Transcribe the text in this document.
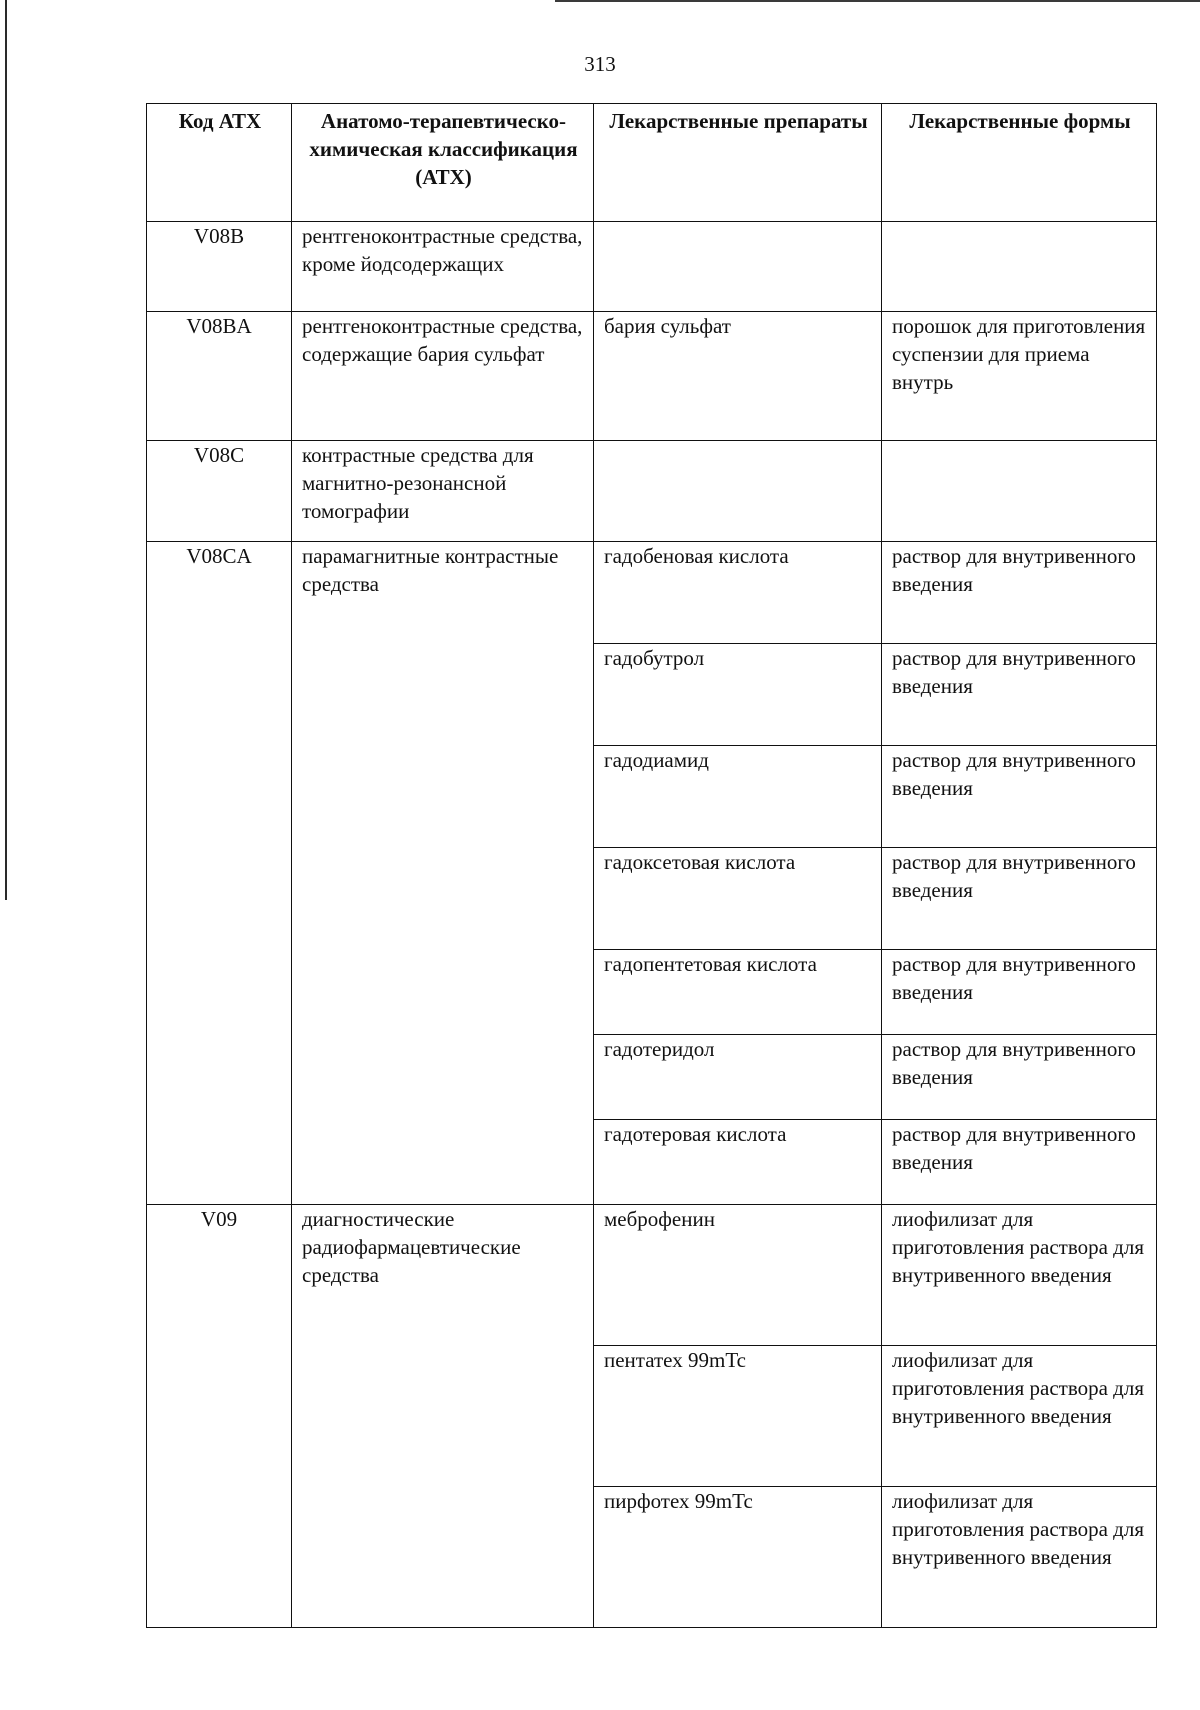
313
Код АТХ	Анатомо-терапевтическо-химическая классификация (АТХ)	Лекарственные препараты	Лекарственные формы
V08B	рентгеноконтрастные средства, кроме йодсодержащих		
V08BA	рентгеноконтрастные средства, содержащие бария сульфат	бария сульфат	порошок для приготовления суспензии для приема внутрь
V08C	контрастные средства для магнитно-резонансной томографии		
V08CA	парамагнитные контрастные средства	гадобеновая кислота	раствор для внутривенного введения
		гадобутрол	раствор для внутривенного введения
		гадодиамид	раствор для внутривенного введения
		гадоксетовая кислота	раствор для внутривенного введения
		гадопентетовая кислота	раствор для внутривенного введения
		гадотеридол	раствор для внутривенного введения
		гадотеровая кислота	раствор для внутривенного введения
V09	диагностические радиофармацевтические средства	меброфенин	лиофилизат для приготовления раствора для внутривенного введения
		пентатех 99mTc	лиофилизат для приготовления раствора для внутривенного введения
		пирфотех 99mTc	лиофилизат для приготовления раствора для внутривенного введения
